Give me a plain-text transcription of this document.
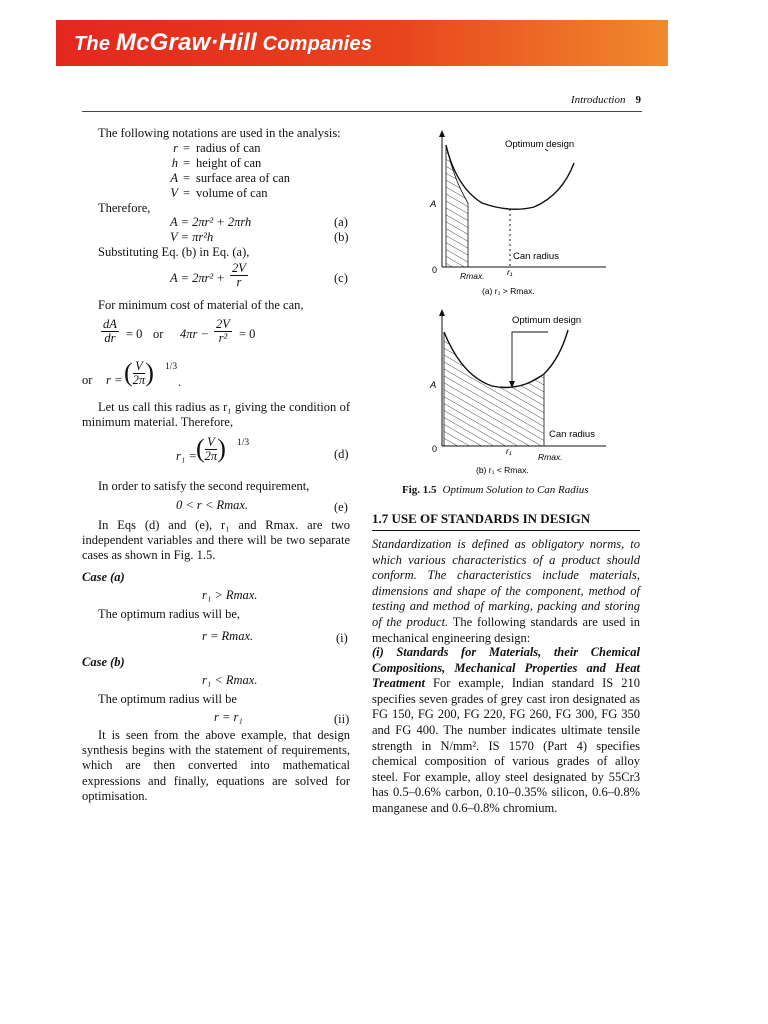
The McGraw·Hill Companies
Introduction 9
The following notations are used in the analysis:
r = radius of can
h = height of can
A = surface area of can
V = volume of can
Therefore,
A = 2πr² + 2πrh	(a)
V = πr²h	(b)
Substituting Eq. (b) in Eq. (a),
$A = 2\pi r^2 + \frac{2V}{r}$	(c)
For minimum cost of material of the can,
$\frac{dA}{dr} = 0$ or $4\pi r - \frac{2V}{\text{r²}} = 0$
or r = ( $\frac{V}{2\pi}$ ) 1/3
.
Let us call this radius as r₁ giving the condition of minimum material. Therefore,
r₁ = ( $\frac{V}{2\pi}$ ) 1/3
(d)
In order to satisfy the second requirement,
0 < r < Rmax.	(e)
In Eqs (d) and (e), r₁ and Rmax. are two independent variables and there will be two separate cases as shown in Fig. 1.5.
Case (a)
r₁ > Rmax.
The optimum radius will be,
r = Rmax.	(i)
Case (b)
r₁ < Rmax.
The optimum radius will be
r = r₁	(ii)
It is seen from the above example, that design synthesis begins with the statement of requirements, which are then converted into mathematical expressions and finally, equations are solved for optimisation.
Optimum design
A
0
Rmax.	r₁
Can radius
(a) r₁ > Rmax.
Optimum design
A
0	r₁
Rmax.
Can radius
(b) r₁ < Rmax.
Fig. 1.5 Optimum Solution to Can Radius
1.7 USE OF STANDARDS IN DESIGN
Standardization is defined as obligatory norms, to which various characteristics of a product should conform. The characteristics include materials, dimensions and shape of the component, method of testing and method of marking, packing and storing of the product. The following standards are used in mechanical engineering design:
(i) Standards for Materials, their Chemical Compositions, Mechanical Properties and Heat Treatment For example, Indian standard IS 210 specifies seven grades of grey cast iron designated as FG 150, FG 200, FG 220, FG 260, FG 300, FG 350 and FG 400. The number indicates ultimate tensile strength in N/mm². IS 1570 (Part 4) specifies chemical composition of various grades of alloy steel. For example, alloy steel designated by 55Cr3 has 0.5–0.6% carbon, 0.10–0.35% silicon, 0.6–0.8% manganese and 0.6–0.8% chromium.
